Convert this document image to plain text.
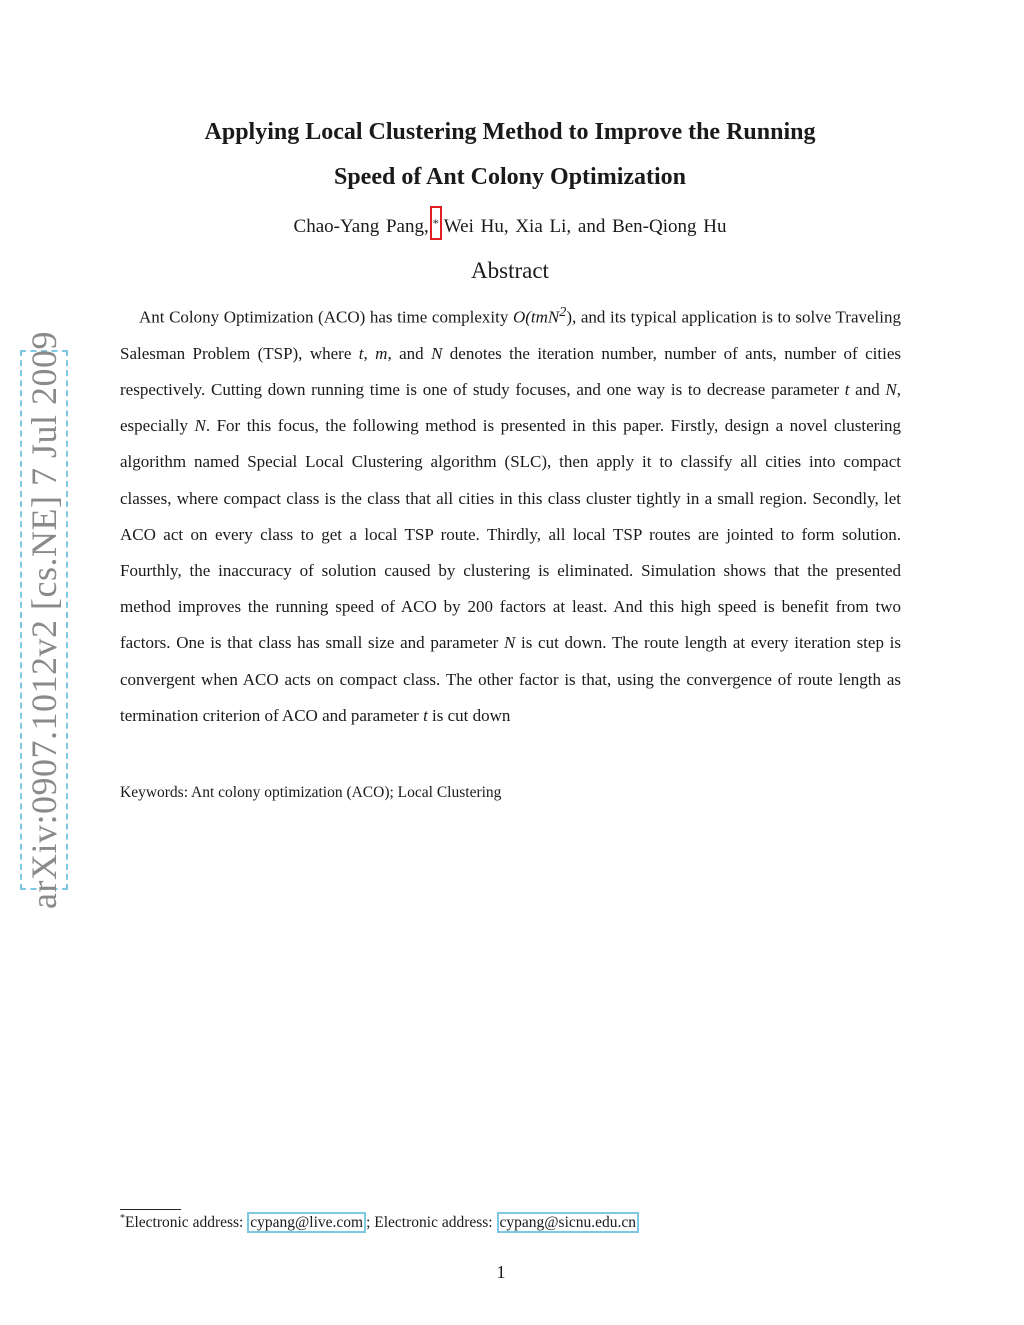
arXiv:0907.1012v2 [cs.NE] 7 Jul 2009
Applying Local Clustering Method to Improve the Running
Speed of Ant Colony Optimization
Chao-Yang Pang, * Wei Hu, Xia Li, and Ben-Qiong Hu
Abstract

Ant Colony Optimization (ACO) has time complexity O(tmN$^2$), and its typical application is to solve Traveling Salesman Problem (TSP), where t, m, and N denotes the iteration number, number of ants, number of cities respectively. Cutting down running time is one of study focuses, and one way is to decrease parameter t and N, especially N. For this focus, the following method is presented in this paper. Firstly, design a novel clustering algorithm named Special Local Clustering algorithm (SLC), then apply it to classify all cities into compact classes, where compact class is the class that all cities in this class cluster tightly in a small region. Secondly, let ACO act on every class to get a local TSP route. Thirdly, all local TSP routes are jointed to form solution. Fourthly, the inaccuracy of solution caused by clustering is eliminated. Simulation shows that the presented method improves the running speed of ACO by 200 factors at least. And this high speed is benefit from two factors. One is that class has small size and parameter N is cut down. The route length at every iteration step is convergent when ACO acts on compact class. The other factor is that, using the convergence of route length as termination criterion of ACO and parameter t is cut down

Keywords: Ant colony optimization (ACO); Local Clustering
*Electronic address: cypang@live.com ; Electronic address: cypang@sicnu.edu.cn
1
